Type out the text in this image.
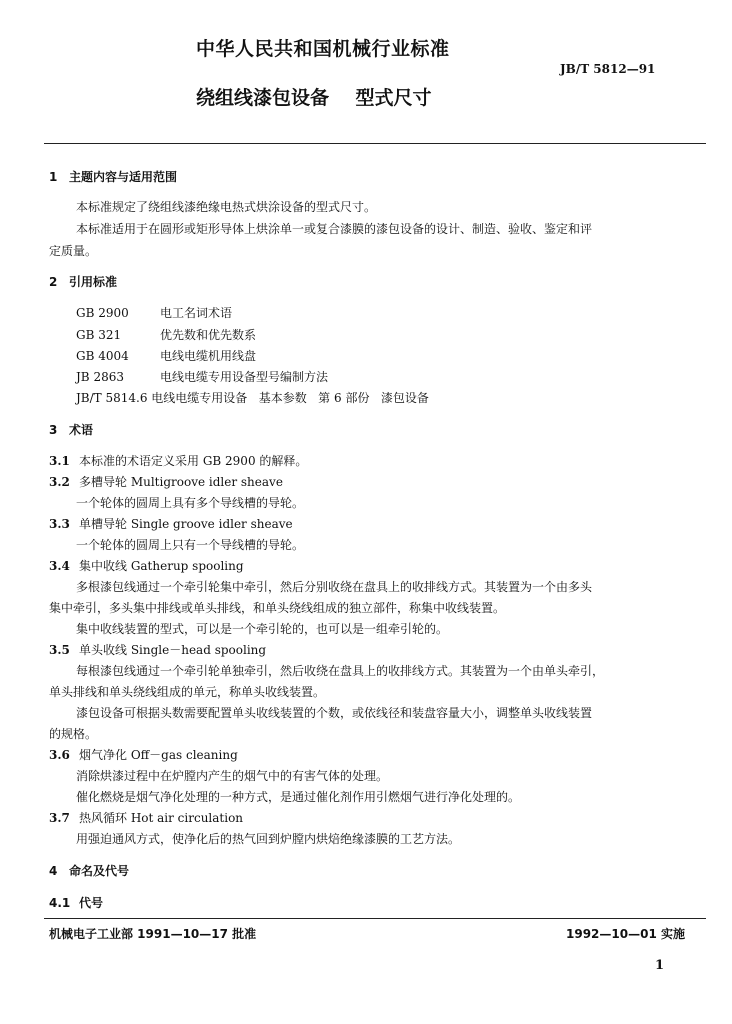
中华人民共和国机械行业标准
JB/T 5812—91
绕组线漆包设备    型式尺寸
1 主题内容与适用范围
本标准规定了绕组线漆绝缘电热式烘涂设备的型式尺寸。
本标准适用于在圆形或矩形导体上烘涂单一或复合漆膜的漆包设备的设计、制造、验收、鉴定和评
定质量。
2 引用标准
GB 2900	电工名词术语
GB 321	优先数和优先数系
GB 4004	电线电缆机用线盘
JB 2863	电线电缆专用设备型号编制方法
JB/T 5814.6 电线电缆专用设备   基本参数   第 6 部份   漆包设备
3 术语
3.1 本标准的术语定义采用 GB 2900 的解释。
3.2 多槽导轮 Multigroove idler sheave
一个轮体的圆周上具有多个导线槽的导轮。
3.3 单槽导轮 Single groove idler sheave
一个轮体的圆周上只有一个导线槽的导轮。
3.4 集中收线 Gatherup spooling
多根漆包线通过一个牵引轮集中牵引，然后分别收绕在盘具上的收排线方式。其装置为一个由多头
集中牵引，多头集中排线或单头排线，和单头绕线组成的独立部件，称集中收线装置。
集中收线装置的型式，可以是一个牵引轮的，也可以是一组牵引轮的。
3.5 单头收线 Single－head spooling
每根漆包线通过一个牵引轮单独牵引，然后收绕在盘具上的收排线方式。其装置为一个由单头牵引，
单头排线和单头绕线组成的单元，称单头收线装置。
漆包设备可根据头数需要配置单头收线装置的个数，或依线径和装盘容量大小，调整单头收线装置
的规格。
3.6 烟气净化 Off－gas cleaning
消除烘漆过程中在炉膛内产生的烟气中的有害气体的处理。
催化燃烧是烟气净化处理的一种方式，是通过催化剂作用引燃烟气进行净化处理的。
3.7 热风循环 Hot air circulation
用强迫通风方式，使净化后的热气回到炉膛内烘焙绝缘漆膜的工艺方法。
4 命名及代号
4.1 代号
机械电子工业部 1991—10—17 批准	1992—10—01 实施
1
